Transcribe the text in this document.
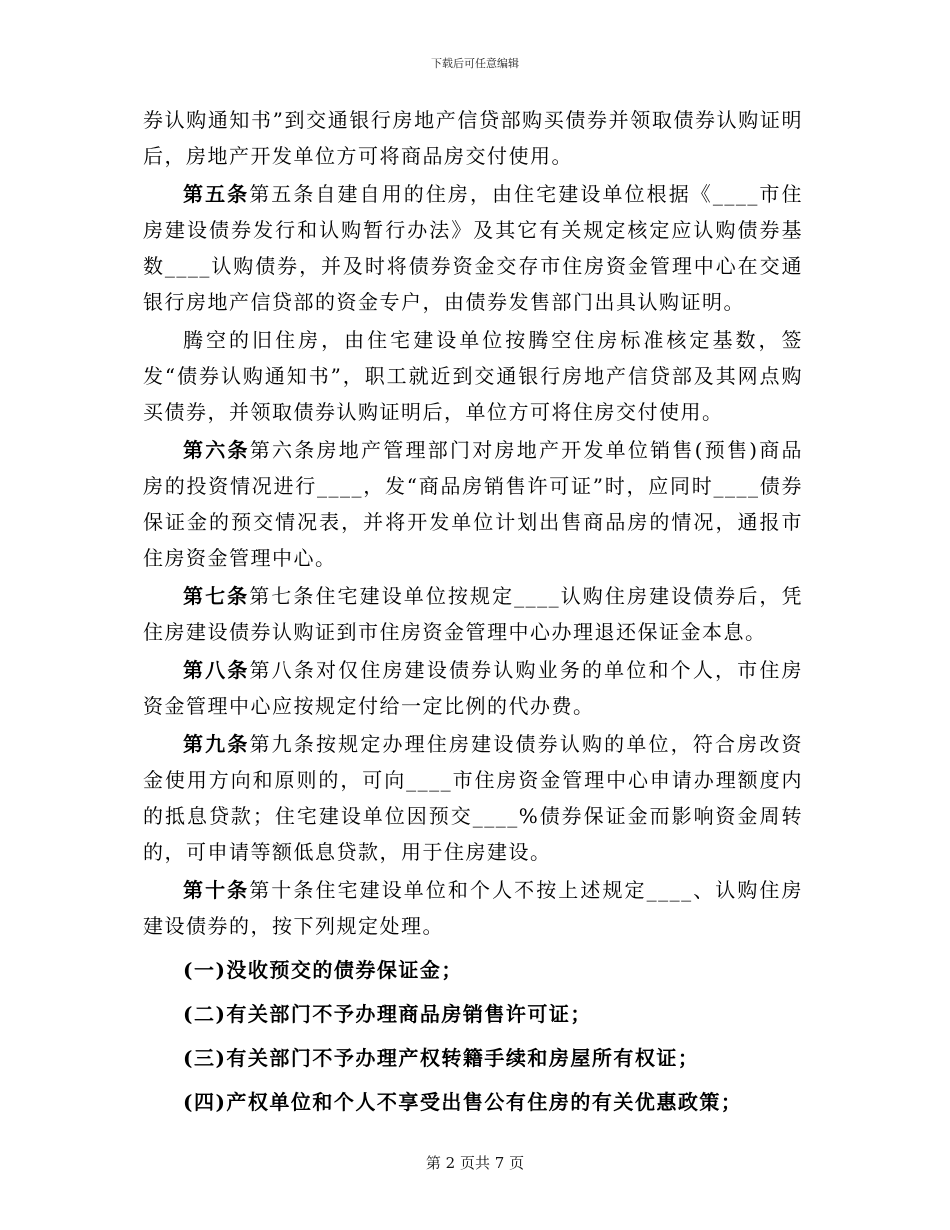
下载后可任意编辑

券认购通知书”到交通银行房地产信贷部购买债券并领取债券认购证明后，房地产开发单位方可将商品房交付使用。

第五条第五条自建自用的住房，由住宅建设单位根据《____市住房建设债券发行和认购暂行办法》及其它有关规定核定应认购债券基数____认购债券，并及时将债券资金交存市住房资金管理中心在交通银行房地产信贷部的资金专户，由债券发售部门出具认购证明。

腾空的旧住房，由住宅建设单位按腾空住房标准核定基数，签发“债券认购通知书”，职工就近到交通银行房地产信贷部及其网点购买债券，并领取债券认购证明后，单位方可将住房交付使用。

第六条第六条房地产管理部门对房地产开发单位销售(预售)商品房的投资情况进行____，发“商品房销售许可证”时，应同时____债券保证金的预交情况表，并将开发单位计划出售商品房的情况，通报市住房资金管理中心。

第七条第七条住宅建设单位按规定____认购住房建设债券后，凭住房建设债券认购证到市住房资金管理中心办理退还保证金本息。

第八条第八条对仅住房建设债券认购业务的单位和个人，市住房资金管理中心应按规定付给一定比例的代办费。

第九条第九条按规定办理住房建设债券认购的单位，符合房改资金使用方向和原则的，可向____市住房资金管理中心申请办理额度内的抵息贷款；住宅建设单位因预交____%债券保证金而影响资金周转的，可申请等额低息贷款，用于住房建设。

第十条第十条住宅建设单位和个人不按上述规定____、认购住房建设债券的，按下列规定处理。

(一)没收预交的债券保证金；

(二)有关部门不予办理商品房销售许可证；

(三)有关部门不予办理产权转籍手续和房屋所有权证；

(四)产权单位和个人不享受出售公有住房的有关优惠政策；

第 2 页共 7 页
